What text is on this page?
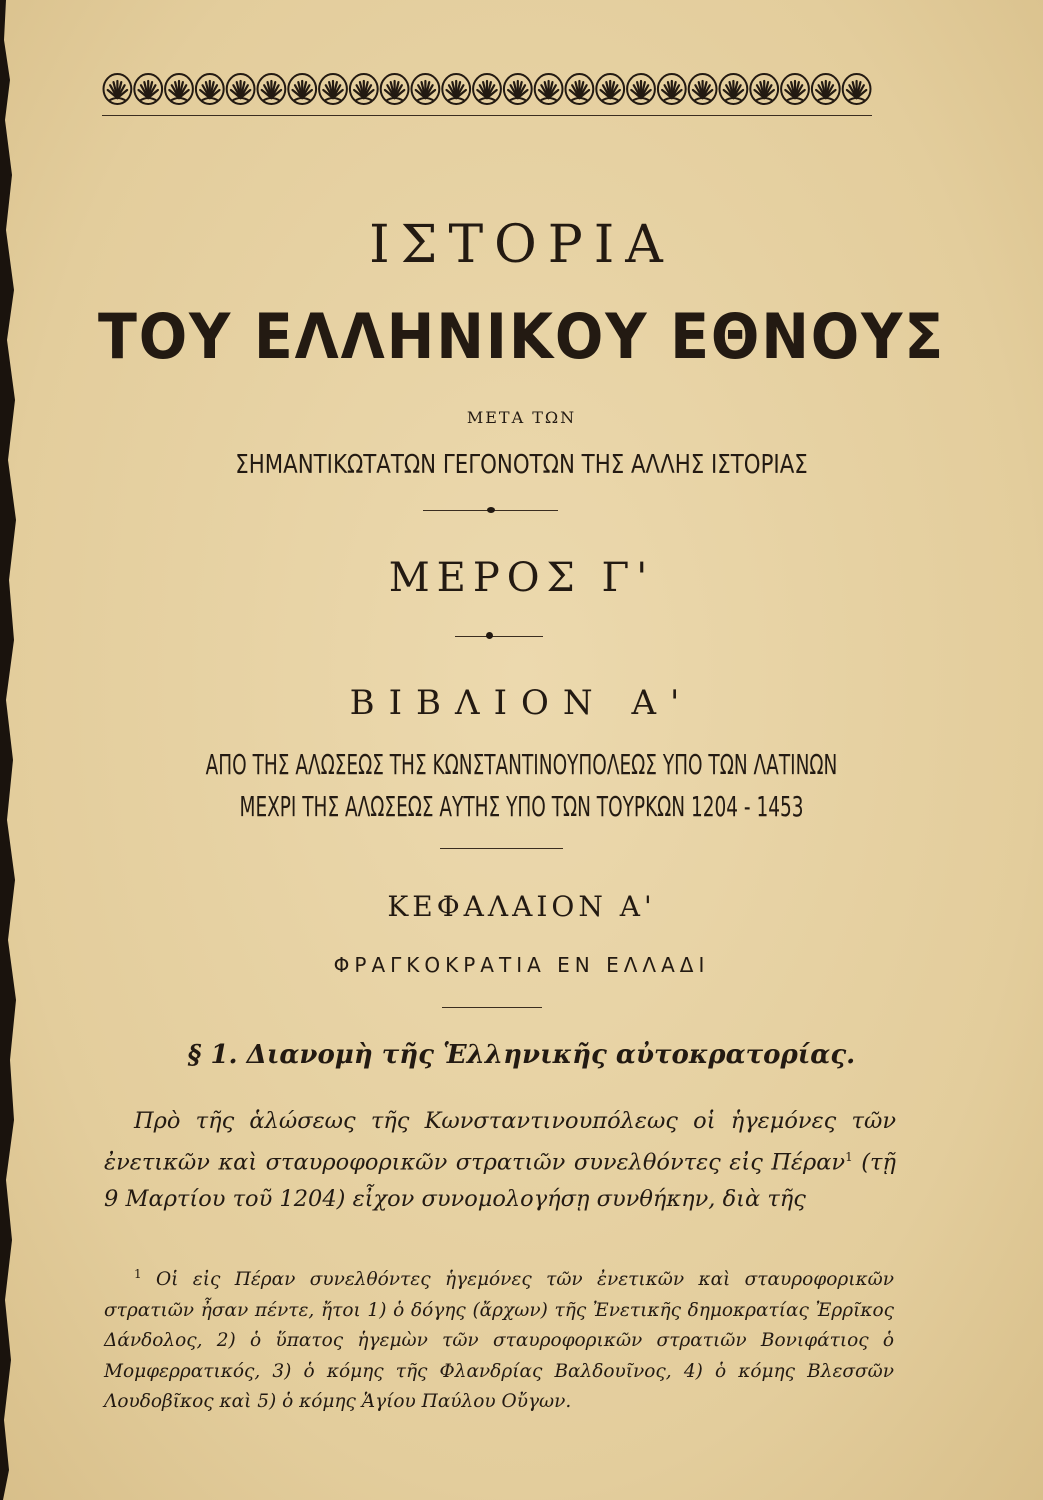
ΙΣΤΟΡΙΑ
ΤΟΥ ΕΛΛΗΝΙΚΟΥ ΕΘΝΟΥΣ
ΜΕΤΑ ΤΩΝ
ΣΗΜΑΝΤΙΚΩΤΑΤΩΝ ΓΕΓΟΝΟΤΩΝ ΤΗΣ ΑΛΛΗΣ ΙΣΤΟΡΙΑΣ
ΜΕΡΟΣ Γ'
ΒΙΒΛΙΟΝ Α'
ΑΠΟ ΤΗΣ ΑΛΩΣΕΩΣ ΤΗΣ ΚΩΝΣΤΑΝΤΙΝΟΥΠΟΛΕΩΣ ΥΠΟ ΤΩΝ ΛΑΤΙΝΩΝ
ΜΕΧΡΙ ΤΗΣ ΑΛΩΣΕΩΣ ΑΥΤΗΣ ΥΠΟ ΤΩΝ ΤΟΥΡΚΩΝ 1204 - 1453
ΚΕΦΑΛΑΙΟΝ Α'
ΦΡΑΓΚΟΚΡΑΤΙΑ ΕΝ ΕΛΛΑΔΙ
§ 1. Διανομὴ τῆς Ἑλληνικῆς αὐτοκρατορίας.

Πρὸ τῆς ἁλώσεως τῆς Κωνσταντινουπόλεως οἱ ἡγεμόνες τῶν ἐνετικῶν καὶ σταυροφορικῶν στρατιῶν συνελθόντες εἰς Πέραν$^1$ (τῇ 9 Μαρτίου τοῦ 1204) εἶχον συνομολογήσῃ συνθήκην, διὰ τῆς

$^1$ Οἱ εἰς Πέραν συνελθόντες ἡγεμόνες τῶν ἐνετικῶν καὶ σταυροφορικῶν στρατιῶν ἦσαν πέντε, ἤτοι 1) ὁ δόγης (ἄρχων) τῆς Ἐνετικῆς δημοκρατίας Ἐρρῖκος Δάνδολος, 2) ὁ ὕπατος ἡγεμὼν τῶν σταυροφορικῶν στρατιῶν Βονιφάτιος ὁ Μομφερρατικός, 3) ὁ κόμης τῆς Φλανδρίας Βαλδουῖνος, 4) ὁ κόμης Βλεσσῶν Λουδοβῖκος καὶ 5) ὁ κόμης Ἁγίου Παύλου Οὔγων.
